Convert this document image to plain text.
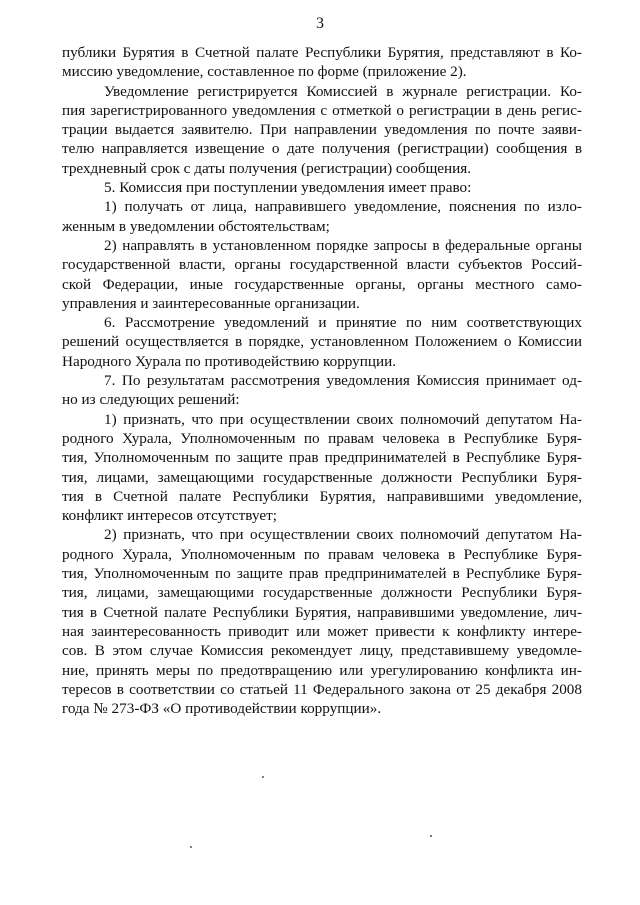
3
публики Бурятия в Счетной палате Республики Бурятия, представляют в Ко-
миссию уведомление, составленное по форме (приложение 2).
Уведомление регистрируется Комиссией в журнале регистрации. Ко-
пия зарегистрированного уведомления с отметкой о регистрации в день регис-
трации выдается заявителю. При направлении уведомления по почте заяви-
телю направляется извещение о дате получения (регистрации) сообщения в
трехдневный срок с даты получения (регистрации) сообщения.
5. Комиссия при поступлении уведомления имеет право:
1) получать от лица, направившего уведомление, пояснения по изло-
женным в уведомлении обстоятельствам;
2) направлять в установленном порядке запросы в федеральные органы
государственной власти, органы государственной власти субъектов Россий-
ской Федерации, иные государственные органы, органы местного само-
управления и заинтересованные организации.
6. Рассмотрение уведомлений и принятие по ним соответствующих
решений осуществляется в порядке, установленном Положением о Комиссии
Народного Хурала по противодействию коррупции.
7. По результатам рассмотрения уведомления Комиссия принимает од-
но из следующих решений:
1) признать, что при осуществлении своих полномочий депутатом На-
родного Хурала, Уполномоченным по правам человека в Республике Буря-
тия, Уполномоченным по защите прав предпринимателей в Республике Буря-
тия, лицами, замещающими государственные должности Республики Буря-
тия в Счетной палате Республики Бурятия, направившими уведомление,
конфликт интересов отсутствует;
2) признать, что при осуществлении своих полномочий депутатом На-
родного Хурала, Уполномоченным по правам человека в Республике Буря-
тия, Уполномоченным по защите прав предпринимателей в Республике Буря-
тия, лицами, замещающими государственные должности Республики Буря-
тия в Счетной палате Республики Бурятия, направившими уведомление, лич-
ная заинтересованность приводит или может привести к конфликту интере-
сов. В этом случае Комиссия рекомендует лицу, представившему уведомле-
ние, принять меры по предотвращению или урегулированию конфликта ин-
тересов в соответствии со статьей 11 Федерального закона от 25 декабря 2008
года № 273-ФЗ «О противодействии коррупции».
